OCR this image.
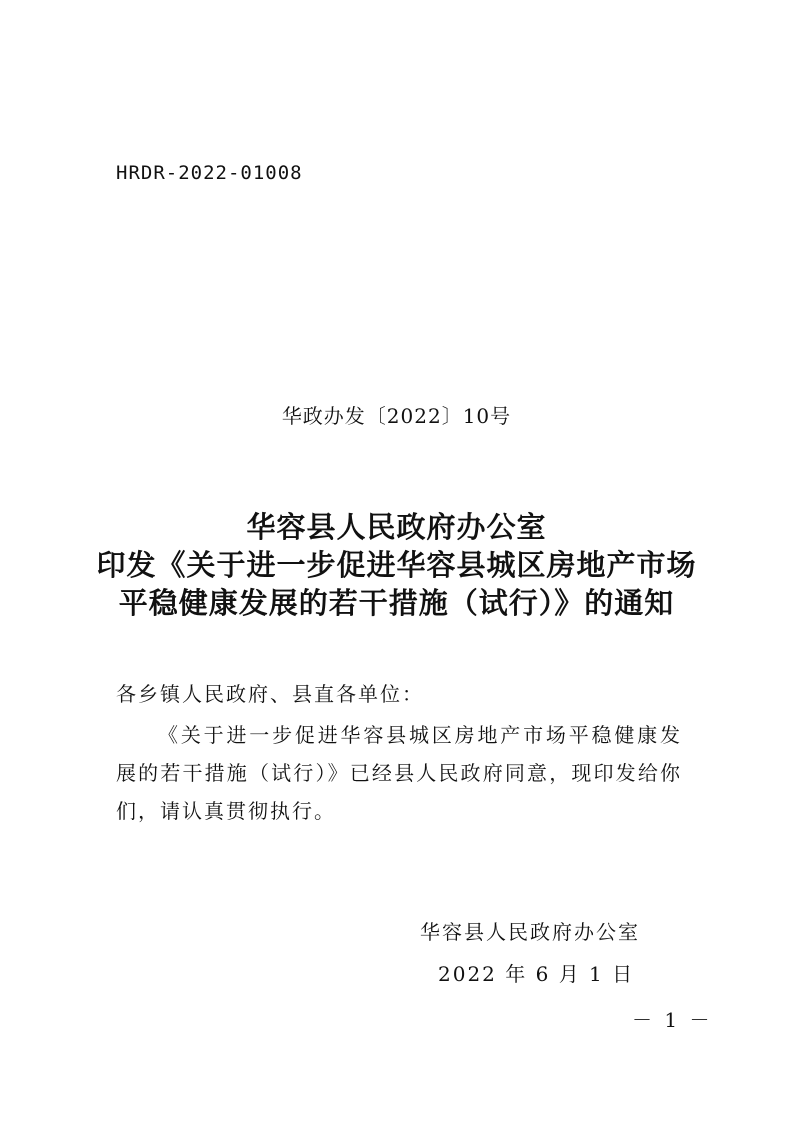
HRDR-2022-01008
华政办发〔2022〕10号
华容县人民政府办公室
印发《关于进一步促进华容县城区房地产市场
平稳健康发展的若干措施（试行）》的通知
各乡镇人民政府、县直各单位：
《关于进一步促进华容县城区房地产市场平稳健康发展的若干措施（试行）》已经县人民政府同意，现印发给你们，请认真贯彻执行。
华容县人民政府办公室
2022 年 6 月 1 日
－ 1 －
